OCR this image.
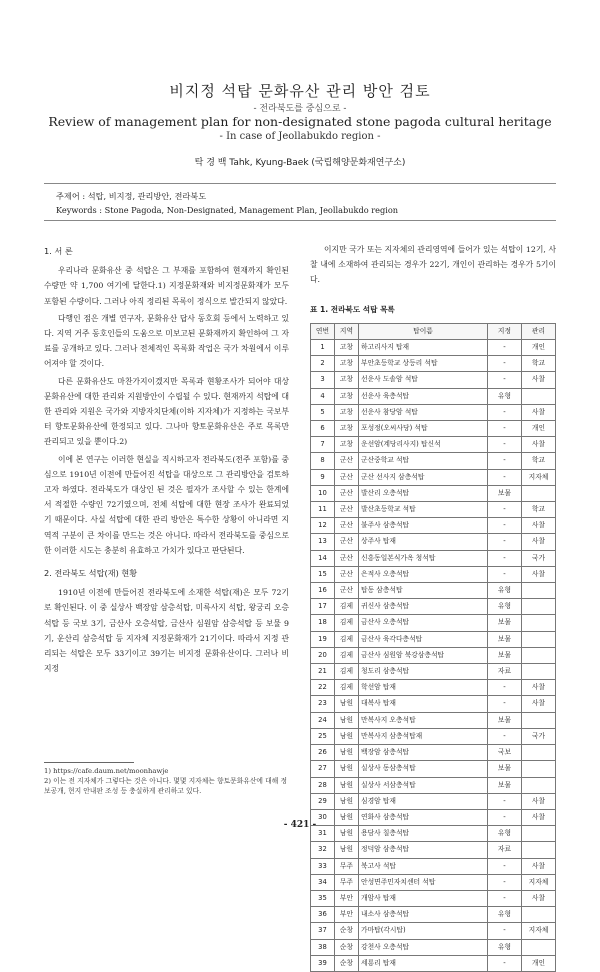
비지정 석탑 문화유산 관리 방안 검토
- 전라북도를 중심으로 -
Review of management plan for non-designated stone pagoda cultural heritage
- In case of Jeollabukdo region -
탁 경 백 Tahk, Kyung-Baek (국립해양문화재연구소)
주제어 : 석탑, 비지정, 관리방안, 전라북도
Keywords : Stone Pagoda, Non-Designated, Management Plan, Jeollabukdo region
1. 서 론

우리나라 문화유산 중 석탑은 그 부재를 포함하여 현재까지 확인된 수량만 약 1,700 여기에 달한다.1) 지정문화재와 비지정문화재가 모두 포함된 수량이다. 그러나 아직 정리된 목록이 정식으로 발간되지 않았다.

다행인 점은 개별 연구자, 문화유산 답사 동호회 등에서 노력하고 있다. 지역 거주 동호인들의 도움으로 미보고된 문화재까지 확인하여 그 자료를 공개하고 있다. 그러나 전체적인 목록화 작업은 국가 차원에서 이루어져야 할 것이다.

다른 문화유산도 마찬가지이겠지만 목록과 현황조사가 되어야 대상 문화유산에 대한 관리와 지원방안이 수립될 수 있다. 현재까지 석탑에 대한 관리와 지원은 국가와 지방자치단체(이하 지자체)가 지정하는 국보부터 향토문화유산에 한정되고 있다. 그나마 향토문화유산은 주로 목록만 관리되고 있을 뿐이다.2)

이에 본 연구는 이러한 현실을 직시하고자 전라북도(전주 포함)를 중심으로 1910년 이전에 만들어진 석탑을 대상으로 그 관리방안을 검토하고자 하였다. 전라북도가 대상인 된 것은 필자가 조사할 수 있는 한계에서 적절한 수량인 72기였으며, 전체 석탑에 대한 현장 조사가 완료되었기 때문이다. 사실 석탑에 대한 관리 방안은 특수한 상황이 아니라면 지역적 구분이 큰 차이를 만드는 것은 아니다. 따라서 전라북도를 중심으로 한 이러한 시도는 충분히 유효하고 가치가 있다고 판단된다.

2. 전라북도 석탑(재) 현황

1910년 이전에 만들어진 전라북도에 소재한 석탑(재)은 모두 72기로 확인된다. 이 중 실상사 백장암 삼층석탑, 미륵사지 석탑, 왕궁리 오층석탑 등 국보 3기, 금산사 오층석탑, 금산사 심원암 삼층석탑 등 보물 9기, 운산리 삼층석탑 등 지자체 지정문화재가 21기이다. 따라서 지정 관리되는 석탑은 모두 33기이고 39기는 비지정 문화유산이다. 그러나 비지정

이지만 국가 또는 지자체의 관리영역에 들어가 있는 석탑이 12기, 사찰 내에 소재하여 관리되는 경우가 22기, 개인이 관리하는 경우가 5기이다.

표 1. 전라북도 석탑 목록
연번	지역	탑이름	지정	관리
1	고창	하고리사지 탑재	-	개인
2	고창	부안초등학교 상등리 석탑	-	학교
3	고창	선운사 도솔암 석탑	-	사찰
4	고창	선운사 육층석탑	유형	
5	고창	선운사 참당암 석탑	-	사찰
6	고창	포성정(오씨사당) 석탑	-	개인
7	고창	운선암(계당리사지) 탑신석	-	사찰
8	군산	군산중학교 석탑	-	학교
9	군산	군산 선사지 삼층석탑	-	지자체
10	군산	발산리 오층석탑	보물	
11	군산	발산초등학교 석탑	-	학교
12	군산	불주사 삼층석탑	-	사찰
13	군산	상주사 탑재	-	사찰
14	군산	신흥동일본식가옥 청석탑	-	국가
15	군산	은적사 오층석탑	-	사찰
16	군산	탑동 삼층석탑	유형	
17	김제	귀신사 삼층석탑	유형	
18	김제	금산사 오층석탑	보물	
19	김제	금산사 육각다층석탑	보물	
20	김제	금산사 심원암 북강삼층석탑	보물	
21	김제	청도리 삼층석탑	자료	
22	김제	학선암 탑재	-	사찰
23	남원	대복사 탑재	-	사찰
24	남원	만복사지 오층석탑	보물	
25	남원	만복사지 삼층석탑재	-	국가
26	남원	백장암 삼층석탑	국보	
27	남원	실상사 동삼층석탑	보물	
28	남원	실상사 서삼층석탑	보물	
29	남원	심경암 탑재	-	사찰
30	남원	연화사 삼층석탑	-	사찰
31	남원	용담사 칠층석탑	유형	
32	남원	정덕암 삼층석탑	자료	
33	무주	북고사 석탑	-	사찰
34	무주	안성면주민자치센터 석탑	-	지자체
35	부안	개암사 탑재	-	사찰
36	부안	내소사 삼층석탑	유형	
37	순창	가마탑(각시탑)	-	지자체
38	순창	강천사 오층석탑	유형	
39	순창	세룡리 탑재	-	개인
1) https://cafe.daum.net/moonhawje
2) 이는 전 지자체가 그렇다는 것은 아니다. 몇몇 지자체는 향토문화유산에 대해 정보공개, 현지 안내판 조성 등 충실하게 관리하고 있다.
- 421 -
